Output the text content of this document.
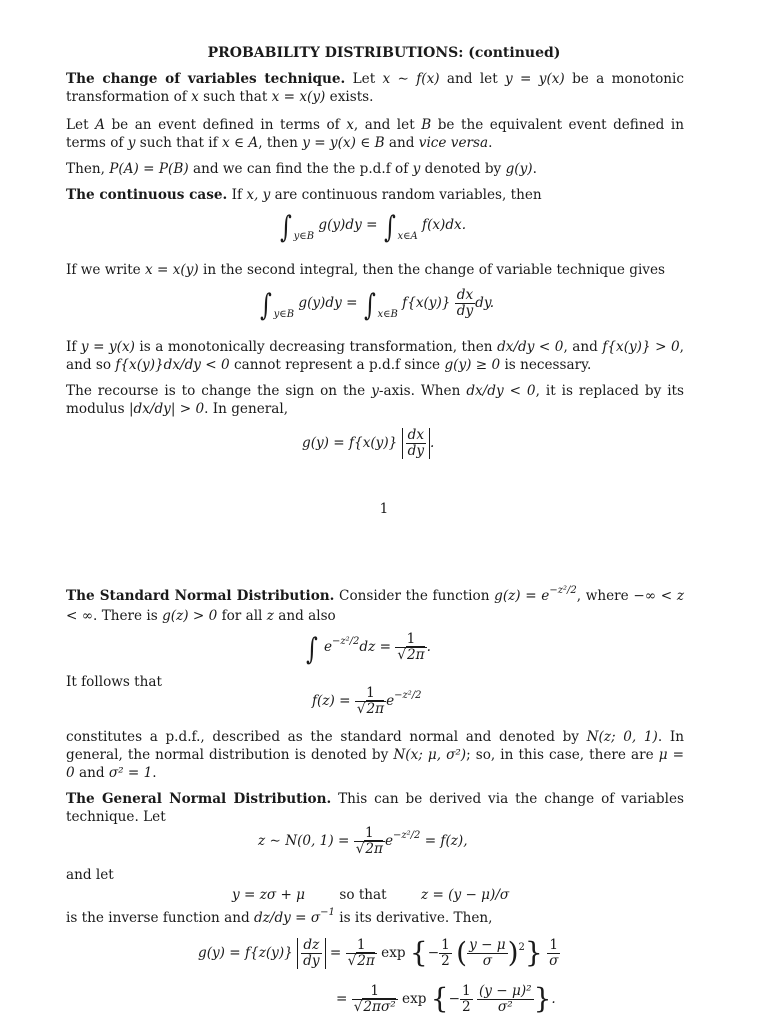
PROBABILITY DISTRIBUTIONS: (continued)

The change of variables technique. Let x ∼ f(x) and let y = y(x) be a monotonic transformation of x such that x = x(y) exists.

Let A be an event defined in terms of x, and let B be the equivalent event defined in terms of y such that if x ∈ A, then y = y(x) ∈ B and vice versa.

Then, P(A) = P(B) and we can find the the p.d.f of y denoted by g(y).

The continuous case. If x, y are continuous random variables, then

∫ $_{y\in B}$ g(y)dy = ∫ $_{x\in A}$ f(x)dx.

If we write x = x(y) in the second integral, then the change of variable technique gives

∫ $_{y\in B}$ g(y)dy = ∫ $_{x\in B}$ $f\{x(y)\} \frac{dx}{dy}$ dy.

If y = y(x) is a monotonically decreasing transformation, then dx/dy < 0, and f{x(y)} > 0, and so f{x(y)}dx/dy < 0 cannot represent a p.d.f since g(y) ≥ 0 is necessary.

The recourse is to change the sign on the y-axis. When dx/dy < 0, it is replaced by its modulus |dx/dy| > 0. In general,

$g(y) = f\{x(y)\} \frac{dx}{dy}$ .
1

The Standard Normal Distribution. Consider the function $g(z) = e^{-z^2/2}$, where −∞ < z < ∞. There is g(z) > 0 for all z and also

∫ $e^{-z^2/2}dz = \frac{1}{√2\pi}$ .

It follows that

$f(z) = \frac{1}{√2\pi} e^{-z^2/2}$

constitutes a p.d.f., described as the standard normal and denoted by N(z; 0, 1). In general, the normal distribution is denoted by N(x; μ, σ²); so, in this case, there are μ = 0 and σ² = 1.

The General Normal Distribution. This can be derived via the change of variables technique. Let

z ∼ N(0, $1) = \frac{1}{√2\pi} e^{-z^2/2} = f(z)$,

and let

y = zσ + μ	so that	z = (y − μ)/σ

is the inverse function and $dz/dy = \sigma^{-1}$ is its derivative. Then,

$g(y) = f\{z(y)\} \frac{dz}{dy} = \frac{1}{√2\pi}$ exp {− $\frac{1}{2}$ ( $\frac{y - \mu}{\sigma} )^2\} \frac{1}{\sigma}$
= $\frac{1}{\text{√2πσ²}}$ exp {− $\frac{1}{2}$
$\frac{\text{(y − μ)²}}{\text{σ²}}$ }.
